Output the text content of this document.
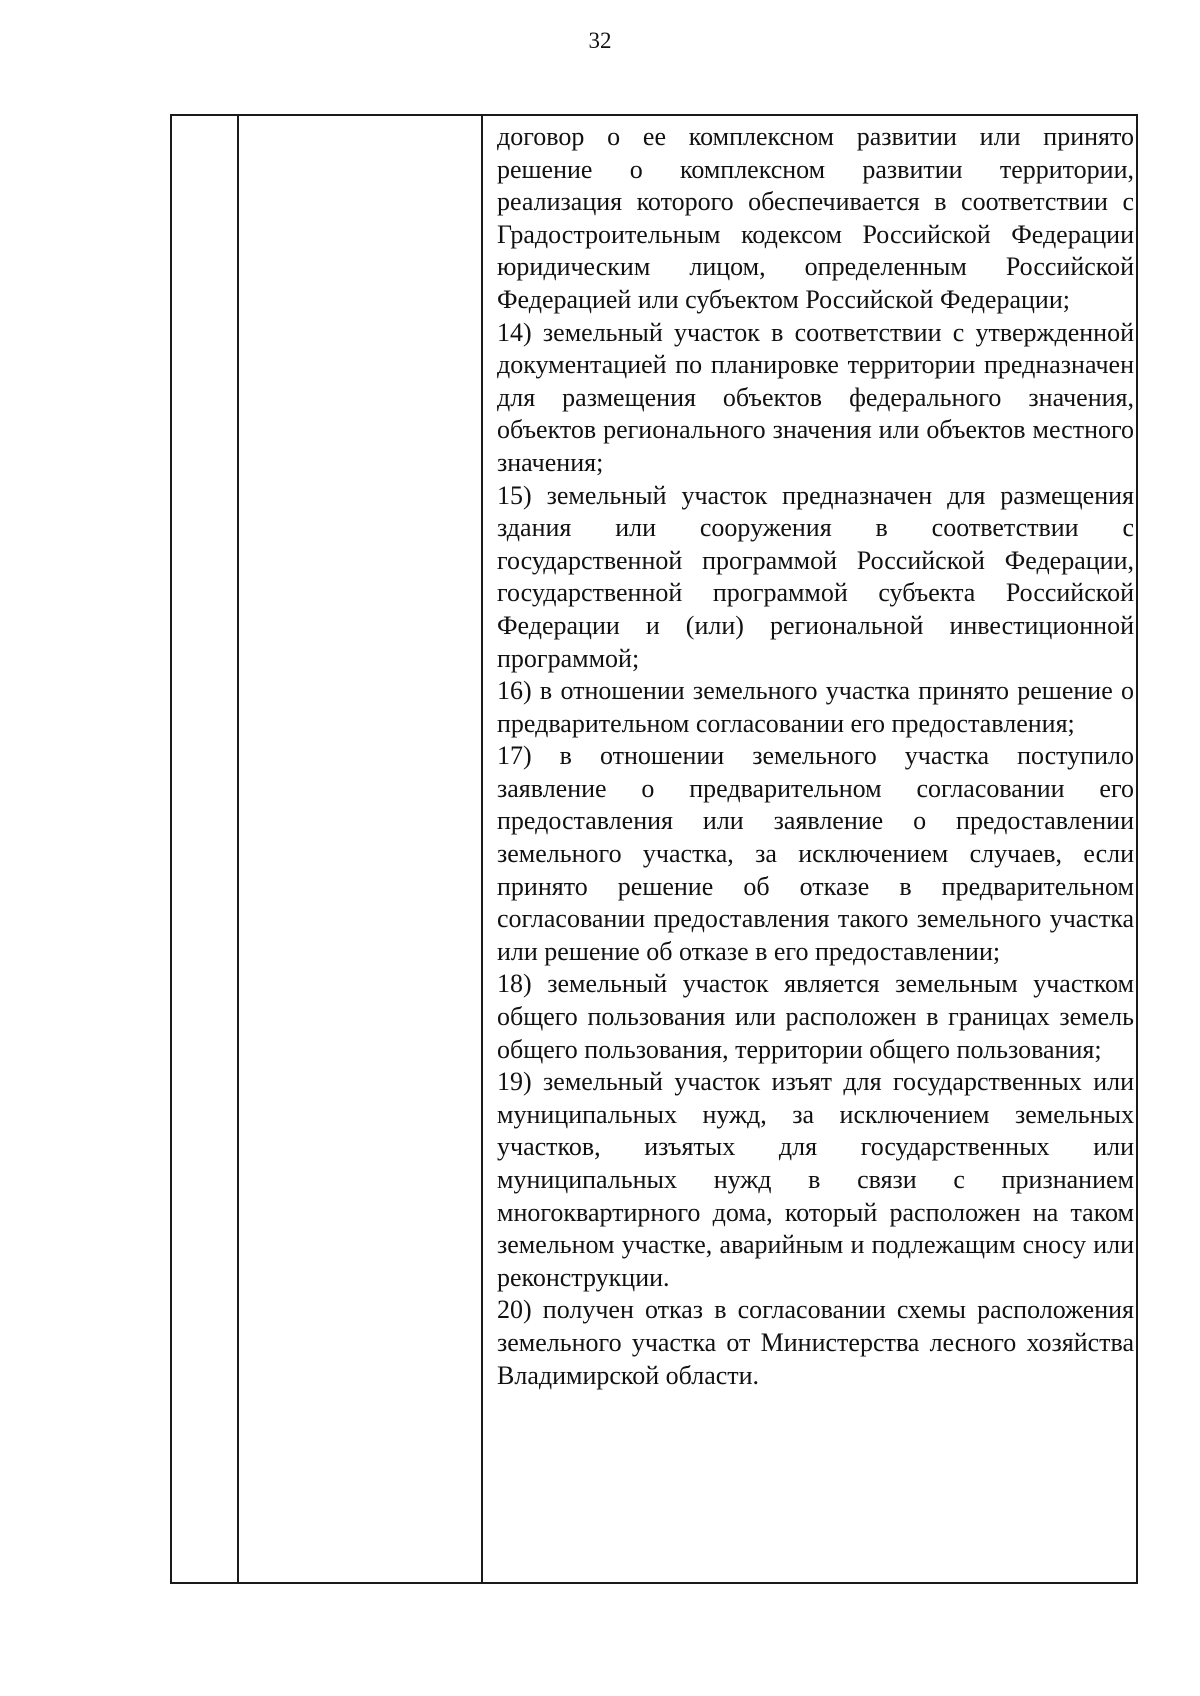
32

договор о ее комплексном развитии или принято решение о комплексном развитии территории, реализация которого обеспечивается в соответствии с Градостроительным кодексом Российской Федерации юридическим лицом, определенным Российской Федерацией или субъектом Российской Федерации;

14) земельный участок в соответствии с утвержденной документацией по планировке территории предназначен для размещения объектов федерального значения, объектов регионального значения или объектов местного значения;

15) земельный участок предназначен для размещения здания или сооружения в соответствии с государственной программой Российской Федерации, государственной программой субъекта Российской Федерации и (или) региональной инвестиционной программой;

16) в отношении земельного участка принято решение о предварительном согласовании его предоставления;

17) в отношении земельного участка поступило заявление о предварительном согласовании его предоставления или заявление о предоставлении земельного участка, за исключением случаев, если принято решение об отказе в предварительном согласовании предоставления такого земельного участка или решение об отказе в его предоставлении;

18) земельный участок является земельным участком общего пользования или расположен в границах земель общего пользования, территории общего пользования;

19) земельный участок изъят для государственных или муниципальных нужд, за исключением земельных участков, изъятых для государственных или муниципальных нужд в связи с признанием многоквартирного дома, который расположен на таком земельном участке, аварийным и подлежащим сносу или реконструкции.

20) получен отказ в согласовании схемы расположения земельного участка от Министерства лесного хозяйства Владимирской области.
